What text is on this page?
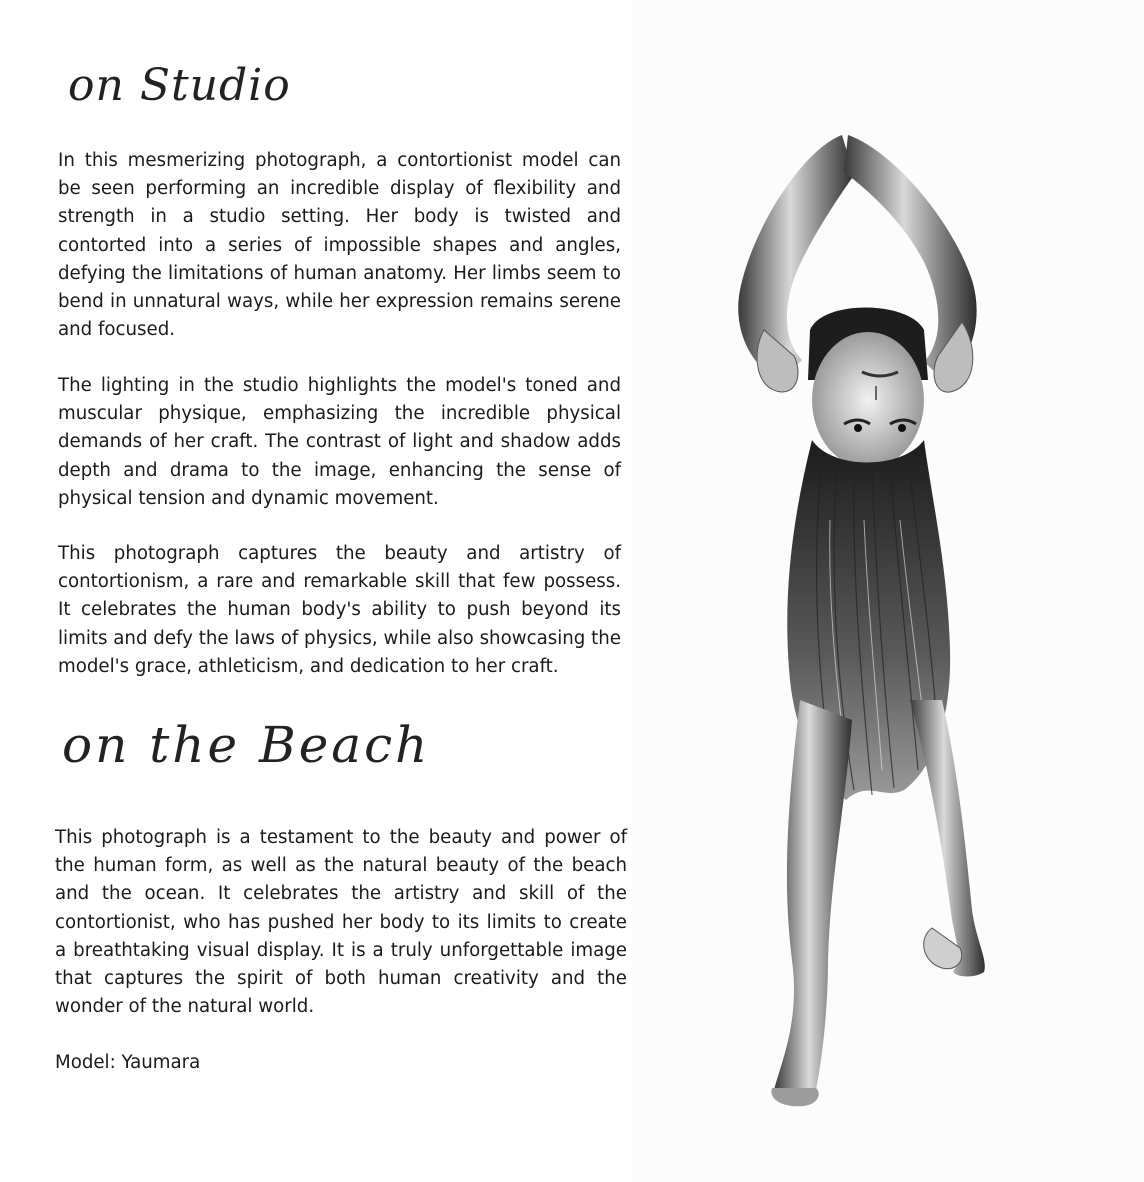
on Studio

In this mesmerizing photograph, a contortionist model can be seen performing an incredible display of flexibility and strength in a studio setting. Her body is twisted and contorted into a series of impossible shapes and angles, defying the limitations of human anatomy. Her limbs seem to bend in unnatural ways, while her expression remains serene and focused.

The lighting in the studio highlights the model's toned and muscular physique, emphasizing the incredible physical demands of her craft. The contrast of light and shadow adds depth and drama to the image, enhancing the sense of physical tension and dynamic movement.

This photograph captures the beauty and artistry of contortionism, a rare and remarkable skill that few possess. It celebrates the human body's ability to push beyond its limits and defy the laws of physics, while also showcasing the model's grace, athleticism, and dedication to her craft.

on the Beach

This photograph is a testament to the beauty and power of the human form, as well as the natural beauty of the beach and the ocean. It celebrates the artistry and skill of the contortionist, who has pushed her body to its limits to create a breathtaking visual display. It is a truly unforgettable image that captures the spirit of both human creativity and the wonder of the natural world.

Model: Yaumara
